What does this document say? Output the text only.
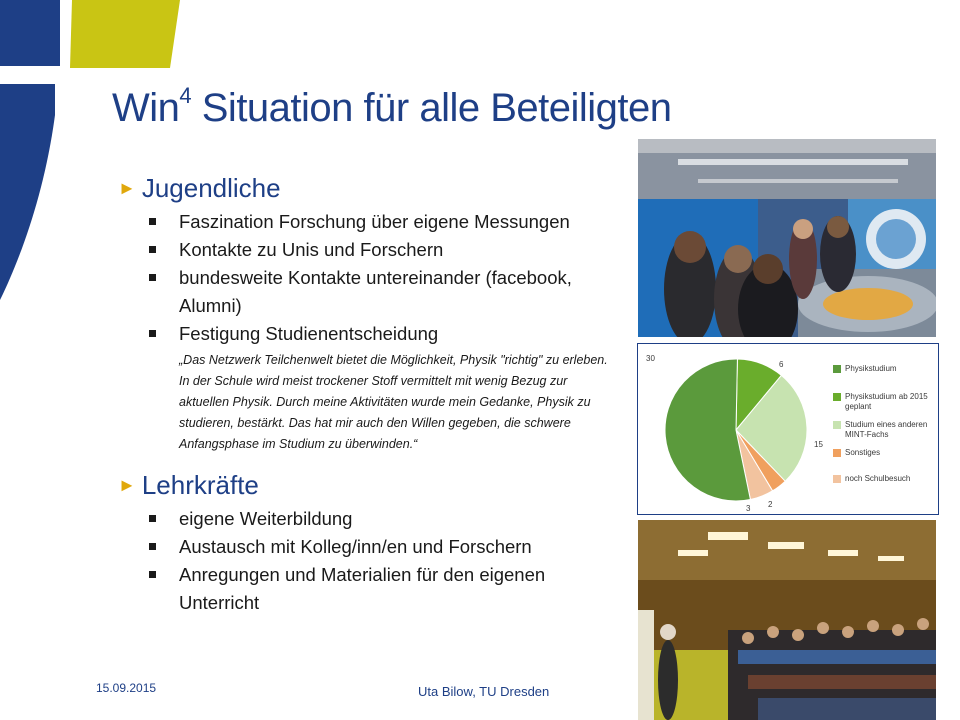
Win$^4$ Situation für alle Beteiligten
► Jugendliche
Faszination Forschung über eigene Messungen
Kontakte zu Unis und Forschern
bundesweite Kontakte untereinander (facebook, Alumni)
Festigung Studienentscheidung
„Das Netzwerk Teilchenwelt bietet die Möglichkeit, Physik "richtig" zu erleben. In der Schule wird meist trockener Stoff vermittelt mit wenig Bezug zur aktuellen Physik. Durch meine Aktivitäten wurde mein Gedanke, Physik zu studieren, bestärkt. Das hat mir auch den Willen gegeben, die schwere Anfangsphase im Studium zu überwinden.“
► Lehrkräfte
eigene Weiterbildung
Austausch mit Kolleg/inn/en und Forschern
Anregungen und Materialien für den eigenen Unterricht
30
6
15
2
3
Physikstudium
Physikstudium ab 2015 geplant
Studium eines anderen MINT-Fachs
Sonstiges
noch Schulbesuch
15.09.2015	Uta Bilow, TU Dresden
